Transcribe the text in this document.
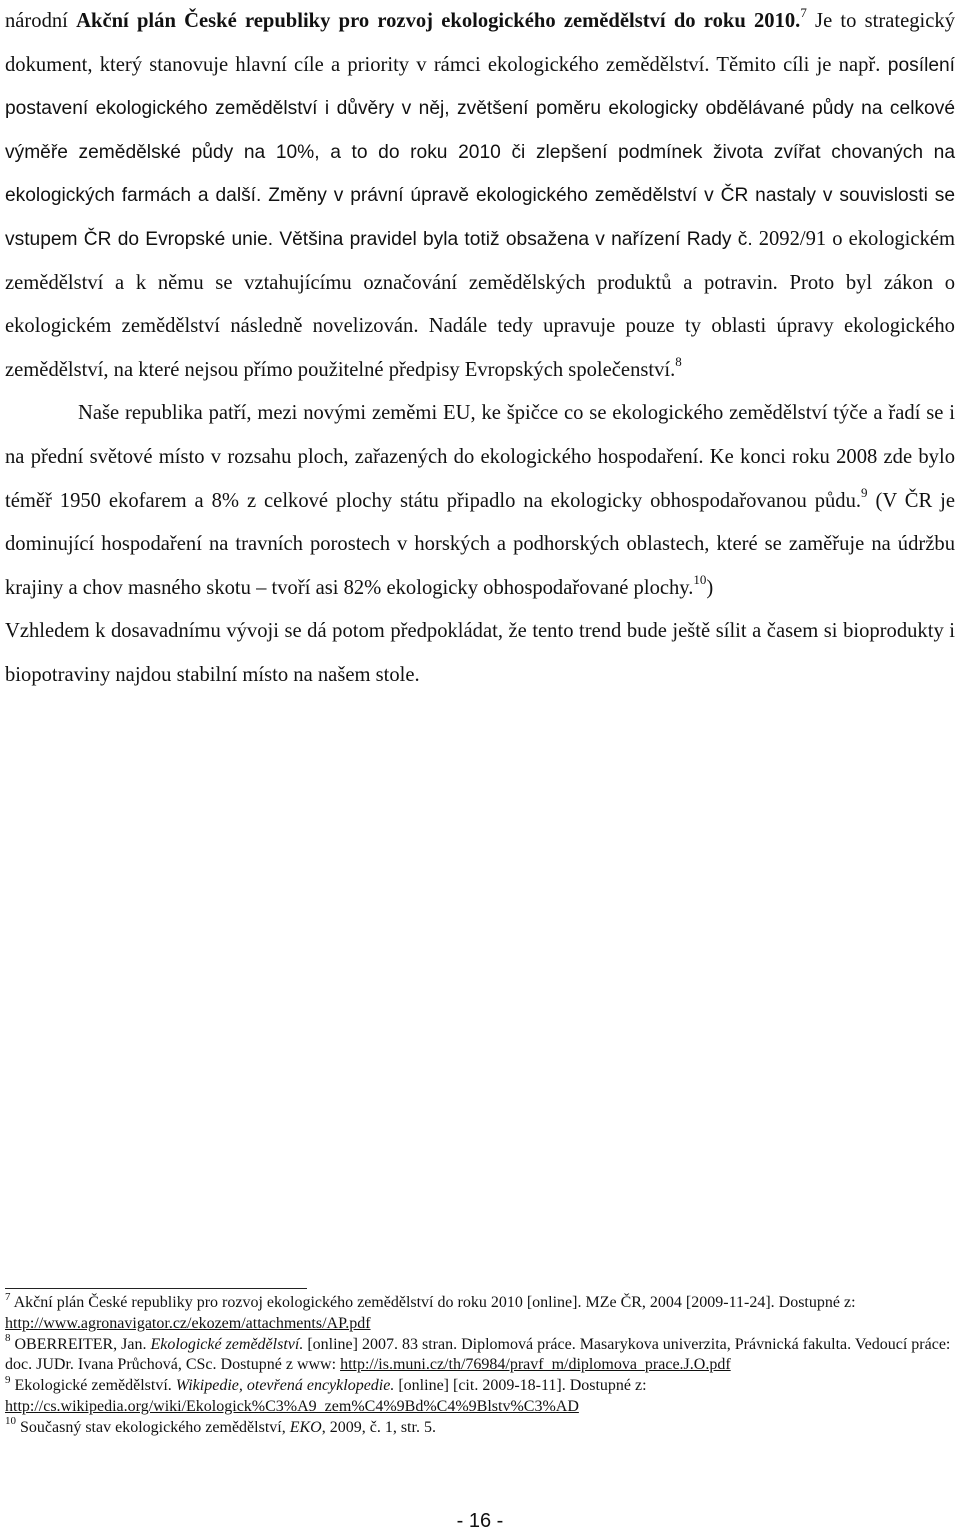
národní Akční plán České republiky pro rozvoj ekologického zemědělství do roku 2010.$^7$ Je to strategický dokument, který stanovuje hlavní cíle a priority v rámci ekologického zemědělství. Těmito cíli je např. posílení postavení ekologického zemědělství i důvěry v něj, zvětšení poměru ekologicky obdělávané půdy na celkové výměře zemědělské půdy na 10%, a to do roku 2010 či zlepšení podmínek života zvířat chovaných na ekologických farmách a další. Změny v právní úpravě ekologického zemědělství v ČR nastaly v souvislosti se vstupem ČR do Evropské unie. Většina pravidel byla totiž obsažena v nařízení Rady č. 2092/91 o ekologickém zemědělství a k němu se vztahujícímu označování zemědělských produktů a potravin. Proto byl zákon o ekologickém zemědělství následně novelizován. Nadále tedy upravuje pouze ty oblasti úpravy ekologického zemědělství, na které nejsou přímo použitelné předpisy Evropských společenství.$^8$

Naše republika patří, mezi novými zeměmi EU, ke špičce co se ekologického zemědělství týče a řadí se i na přední světové místo v rozsahu ploch, zařazených do ekologického hospodaření. Ke konci roku 2008 zde bylo téměř 1950 ekofarem a 8% z celkové plochy státu připadlo na ekologicky obhospodařovanou půdu.$^9$ (V ČR je dominující hospodaření na travních porostech v horských a podhorských oblastech, které se zaměřuje na údržbu krajiny a chov masného skotu – tvoří asi 82% ekologicky obhospodařované plochy.$^{10}$)

Vzhledem k dosavadnímu vývoji se dá potom předpokládat, že tento trend bude ještě sílit a časem si bioprodukty i biopotraviny najdou stabilní místo na našem stole.

$^7$ Akční plán České republiky pro rozvoj ekologického zemědělství do roku 2010 [online]. MZe ČR, 2004 [2009-11-24]. Dostupné z: http://www.agronavigator.cz/ekozem/attachments/AP.pdf

$^8$ OBERREITER, Jan. Ekologické zemědělství. [online] 2007. 83 stran. Diplomová práce. Masarykova univerzita, Právnická fakulta. Vedoucí práce: doc. JUDr. Ivana Průchová, CSc. Dostupné z www: http://is.muni.cz/th/76984/pravf_m/diplomova_prace.J.O.pdf

$^9$ Ekologické zemědělství. Wikipedie, otevřená encyklopedie. [online] [cit. 2009-18-11]. Dostupné z: http://cs.wikipedia.org/wiki/Ekologick%C3%A9_zem%C4%9Bd%C4%9Blstv%C3%AD

$^{10}$ Současný stav ekologického zemědělství, EKO, 2009, č. 1, str. 5.

- 16 -
